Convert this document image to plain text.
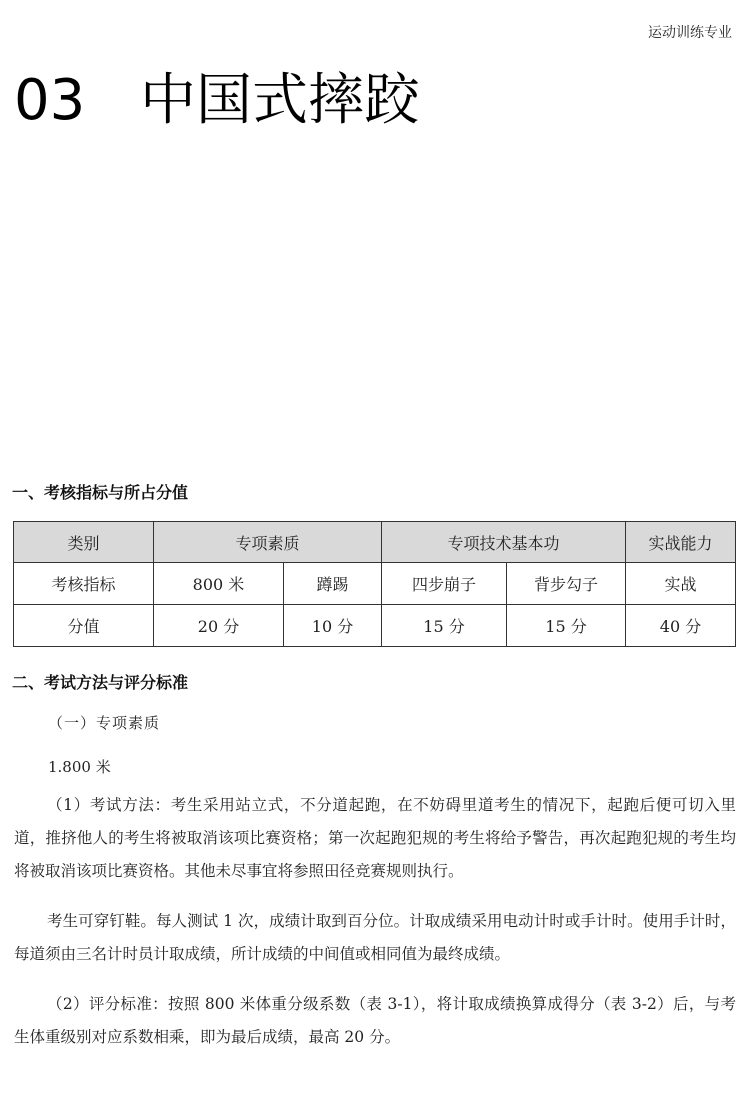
运动训练专业
03 中国式摔跤
一、考核指标与所占分值
类别	专项素质		专项技术基本功		实战能力
考核指标	800 米	蹲踢	四步崩子	背步勾子	实战
分值	20 分	10 分	15 分	15 分	40 分
二、考试方法与评分标准
（一）专项素质
1.800 米

（1）考试方法：考生采用站立式，不分道起跑，在不妨碍里道考生的情况下，起跑后便可切入里道，推挤他人的考生将被取消该项比赛资格；第一次起跑犯规的考生将给予警告，再次起跑犯规的考生均将被取消该项比赛资格。其他未尽事宜将参照田径竞赛规则执行。

考生可穿钉鞋。每人测试 1 次，成绩计取到百分位。计取成绩采用电动计时或手计时。使用手计时，每道须由三名计时员计取成绩，所计成绩的中间值或相同值为最终成绩。

（2）评分标准：按照 800 米体重分级系数（表 3-1），将计取成绩换算成得分（表 3-2）后，与考生体重级别对应系数相乘，即为最后成绩，最高 20 分。
